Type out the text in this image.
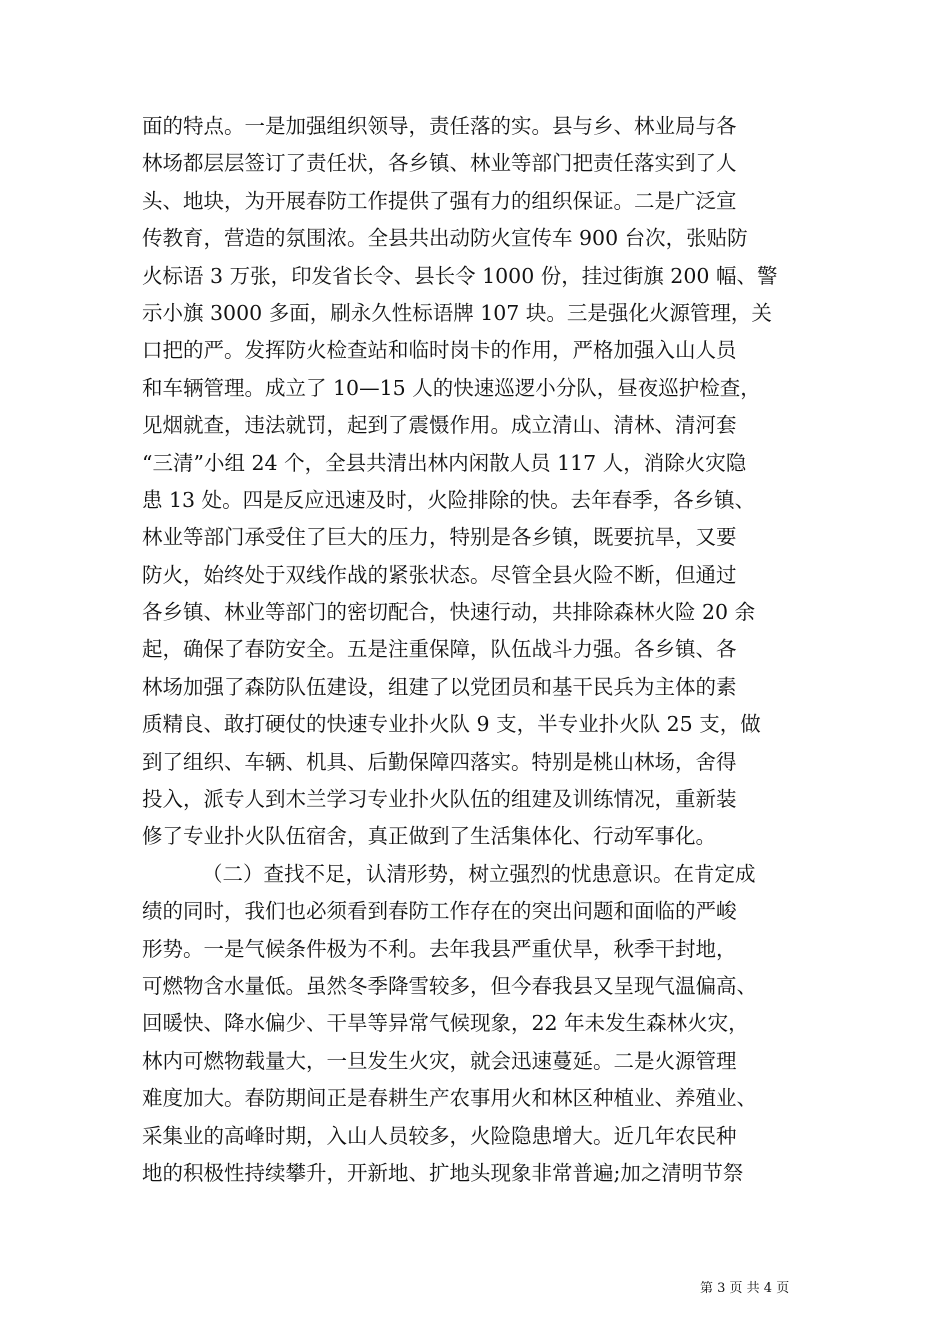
面的特点。一是加强组织领导，责任落的实。县与乡、林业局与各
林场都层层签订了责任状，各乡镇、林业等部门把责任落实到了人
头、地块，为开展春防工作提供了强有力的组织保证。二是广泛宣
传教育，营造的氛围浓。全县共出动防火宣传车 900 台次，张贴防
火标语 3 万张，印发省长令、县长令 1000 份，挂过街旗 200 幅、警
示小旗 3000 多面，刷永久性标语牌 107 块。三是强化火源管理，关
口把的严。发挥防火检查站和临时岗卡的作用，严格加强入山人员
和车辆管理。成立了 10—15 人的快速巡逻小分队，昼夜巡护检查，
见烟就查，违法就罚，起到了震慑作用。成立清山、清林、清河套
“三清”小组 24 个，全县共清出林内闲散人员 117 人，消除火灾隐
患 13 处。四是反应迅速及时，火险排除的快。去年春季，各乡镇、
林业等部门承受住了巨大的压力，特别是各乡镇，既要抗旱，又要
防火，始终处于双线作战的紧张状态。尽管全县火险不断，但通过
各乡镇、林业等部门的密切配合，快速行动，共排除森林火险 20 余
起，确保了春防安全。五是注重保障，队伍战斗力强。各乡镇、各
林场加强了森防队伍建设，组建了以党团员和基干民兵为主体的素
质精良、敢打硬仗的快速专业扑火队 9 支，半专业扑火队 25 支，做
到了组织、车辆、机具、后勤保障四落实。特别是桃山林场，舍得
投入，派专人到木兰学习专业扑火队伍的组建及训练情况，重新装
修了专业扑火队伍宿舍，真正做到了生活集体化、行动军事化。
（二）查找不足，认清形势，树立强烈的忧患意识。在肯定成
绩的同时，我们也必须看到春防工作存在的突出问题和面临的严峻
形势。一是气候条件极为不利。去年我县严重伏旱，秋季干封地，
可燃物含水量低。虽然冬季降雪较多，但今春我县又呈现气温偏高、
回暖快、降水偏少、干旱等异常气候现象，22 年未发生森林火灾，
林内可燃物载量大，一旦发生火灾，就会迅速蔓延。二是火源管理
难度加大。春防期间正是春耕生产农事用火和林区种植业、养殖业、
采集业的高峰时期，入山人员较多，火险隐患增大。近几年农民种
地的积极性持续攀升，开新地、扩地头现象非常普遍;加之清明节祭
第 3 页 共 4 页
